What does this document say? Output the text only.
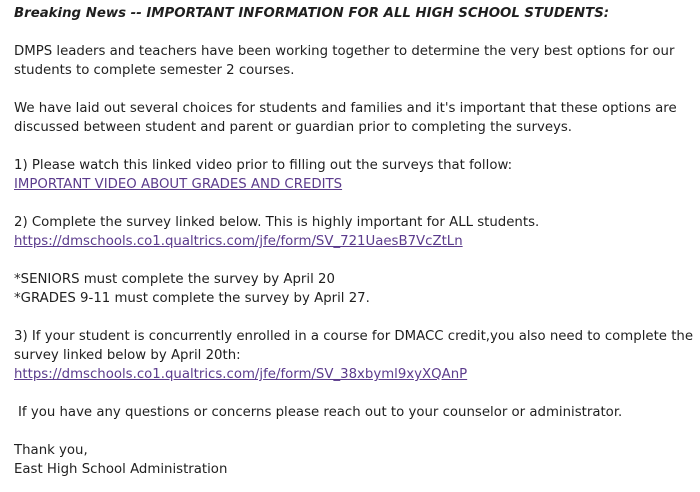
Breaking News -- IMPORTANT INFORMATION FOR ALL HIGH SCHOOL STUDENTS:
DMPS leaders and teachers have been working together to determine the very best options for our
students to complete semester 2 courses.
We have laid out several choices for students and families and it's important that these options are
discussed between student and parent or guardian prior to completing the surveys.
1) Please watch this linked video prior to filling out the surveys that follow:
IMPORTANT VIDEO ABOUT GRADES AND CREDITS
2) Complete the survey linked below. This is highly important for ALL students.
https://dmschools.co1.qualtrics.com/jfe/form/SV_721UaesB7VcZtLn
*SENIORS must complete the survey by April 20
*GRADES 9-11 must complete the survey by April 27.
3) If your student is concurrently enrolled in a course for DMACC credit,you also need to complete the
survey linked below by April 20th:
https://dmschools.co1.qualtrics.com/jfe/form/SV_38xbyml9xyXQAnP
If you have any questions or concerns please reach out to your counselor or administrator.
Thank you,
East High School Administration
